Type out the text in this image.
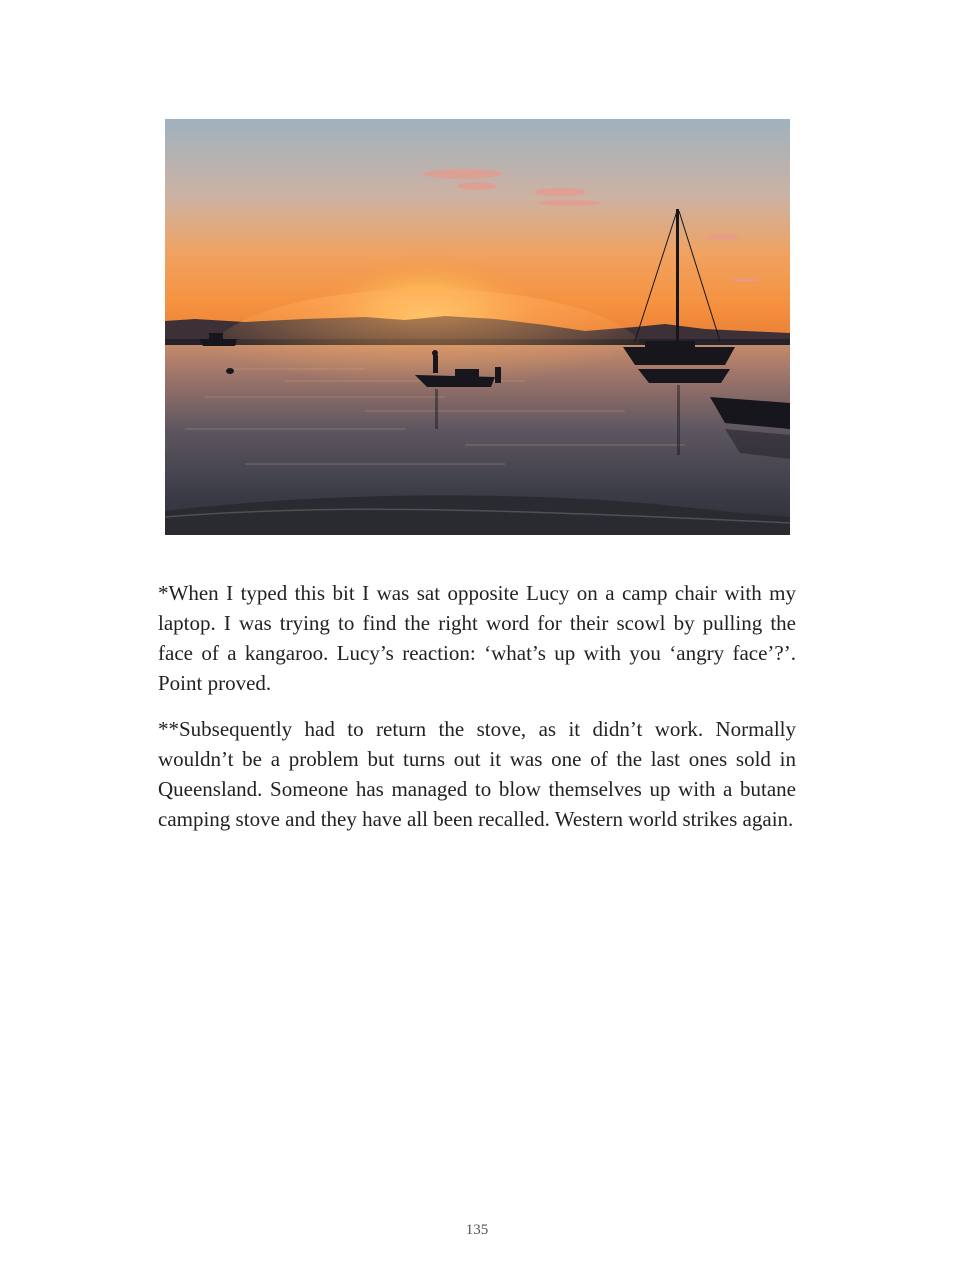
*When I typed this bit I was sat opposite Lucy on a camp chair with my laptop. I was trying to find the right word for their scowl by pulling the face of a kangaroo. Lucy’s reaction: ‘what’s up with you ‘angry face’?’. Point proved.

**Subsequently had to return the stove, as it didn’t work. Normally wouldn’t be a problem but turns out it was one of the last ones sold in Queensland. Someone has managed to blow themselves up with a butane camping stove and they have all been recalled. Western world strikes again.

135
